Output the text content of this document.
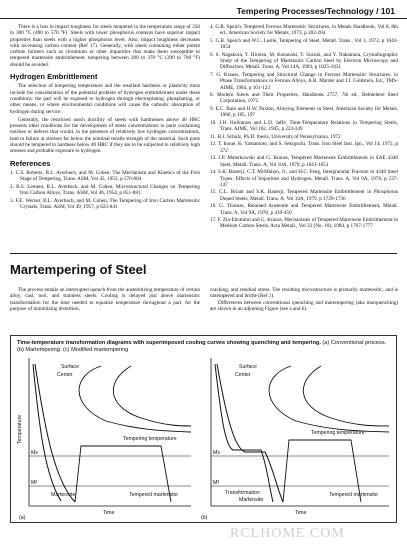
Tempering Processes/Technology / 101

There is a loss in impact toughness for steels tempered in the temperature range of 250 to 300 °C (480 to 570 °F). Steels with lower phosphorus contents have superior impact properties than steels with a higher phosphorus level. Also, impact toughness decreases with increasing carbon content (Ref 17). Generally, with steels containing either potent carbide formers such as chromium or other impurities that make them susceptible to tempered martensite embrittlement, tempering between 200 to 370 °C (390 to 700 °F) should be avoided.

Hydrogen Embrittlement

The selection of tempering temperature and the resultant hardness or plasticity must include the consideration of the potential problem of hydrogen embrittlement under these conditions: the part will be exposed to hydrogen through electroplating, phosphating, or other means, or where environmental conditions will cause the cathodic absorption of hydrogen during service.

Generally, the restricted notch ductility of steels with hardnesses above 40 HRC presents ideal conditions for the development of stress concentrations in parts containing notches or defects that would, in the presence of relatively low hydrogen concentrations, lead to failure at stresses far below the nominal tensile strength of the material. Such parts should be tempered to hardness below 40 HRC if they are to be subjected to relatively high stresses and probable exposure to hydrogen.

References
1. C.S. Roberts, B.L. Averbach, and M. Cohen, The Mechanism and Kinetics of the First Stage of Tempering, Trans. ASM, Vol 45, 1953, p 576-604
2. B.S. Lement, B.L. Averbach, and M. Cohen, Microstructural Changes on Tempering Iron Carbon Alloys, Trans. ASM, Vol 46, 1954, p 851-881
3. F.E. Werner, B.L. Averbach, and M. Cohen, The Tempering of Iron Carbon Martensitic Crystals, Trans. ASM, Vol 49, 1957, p 823-841
4. G.R. Speich, Tempered Ferrous Martensitic Structures, in Metals Handbook, Vol 8, 8th ed., American Society for Metals, 1973, p 202-204
5. G.R. Speich and W.C. Leslie, Tempering of Steel, Metall. Trans., Vol 3, 1972, p 1043-1054
6. S. Nagakura, Y. Hirotsu, M. Kusunoki, T. Suzuki, and Y. Nakamura, Crystallographic Study of the Tempering of Martensitic Carbon Steel by Electron Microscopy and Diffraction, Metall. Trans. A, Vol 14A, 1983, p 1025-1031
7. G. Krauss, Tempering and Structural Change in Ferrous Martensitic Structures, in Phase Transformations in Ferrous Alloys, A.R. Marder and J.I. Goldstein, Ed., TMS-AIME, 1984, p 101-123
8. Modern Steels and Their Properties, Handbook 2757, 7th ed., Bethlehem Steel Corporation, 1972
9. E.C. Bain and H.W. Paxton, Alloying Elements in Steel, American Society for Metals, 1966, p 185, 197
10. J.H. Hollomon and L.D. Jaffe, Time-Temperature Relations in Tempering Steels, Trans. AIME, Vol 162, 1945, p 223-249
11. B.J. Schulz, Ph.D. thesis, University of Pennsylvania, 1972
12. T. Inoue, K. Yamamoto, and S. Sekiguchi, Trans. Iron Steel Inst. Jpn., Vol 14, 1972, p 372
13. J.P. Materkowski and G. Krauss, Tempered Martensite Embrittlement in SAE 4340 Steel, Metall. Trans. A, Vol 10A, 1979, p 1643-1651
14. S.K. Banerji, C.T. McMahon, Jr., and H.C. Feng, Intergranular Fracture in 4340 Steel Types: Effects of Impurities and Hydrogen, Metall. Trans. A, Vol 9A, 1978, p 237-247
15. C.L. Briant and S.K. Banerji, Tempered Martensite Embrittlement in Phosphorus Doped Steels, Metall. Trans. A, Vol 10A, 1979, p 1729-1736
16. G. Thomas, Retained Austenite and Tempered Martensite Embrittlement, Metall. Trans. A, Vol 9A, 1978, p 439-450
17. F. Zia-Ebrahimi and G. Krauss, Mechanisms of Tempered Martensite Embrittlement in Medium Carbon Steels, Acta Metall., Vol 32 (No. 10), 1984, p 1767-1777
Martempering of Steel
The process entails an interrupted quench from the austenitizing temperature of certain alloy, cast, tool, and stainless steels. Cooling is delayed just above martensitic transformation for the time needed to equalize temperature throughout a part, for the purpose of minimizing distortion,
cracking, and residual stress. The resulting microstructure is primarily martensitic, and is untempered and brittle (Ref 1).
Differences between conventional quenching and martempering (aka marquenching) are shown in an adjoining Figure (see a and b).
Time-temperature transformation diagrams with superimposed cooling curves showing quenching and tempering. (a) Conventional process. (b) Martempering. (c) Modified martempering
Temperature
Surface
Center
Tempering temperature
Ms
Mf
Martensite	Tempered martensite
Time
(a)
Surface
Center
Tempering temperature
Ms
Mf
Transformation
Martensite
Tempered martensite
Time
(b)
RCLHOME.COM
